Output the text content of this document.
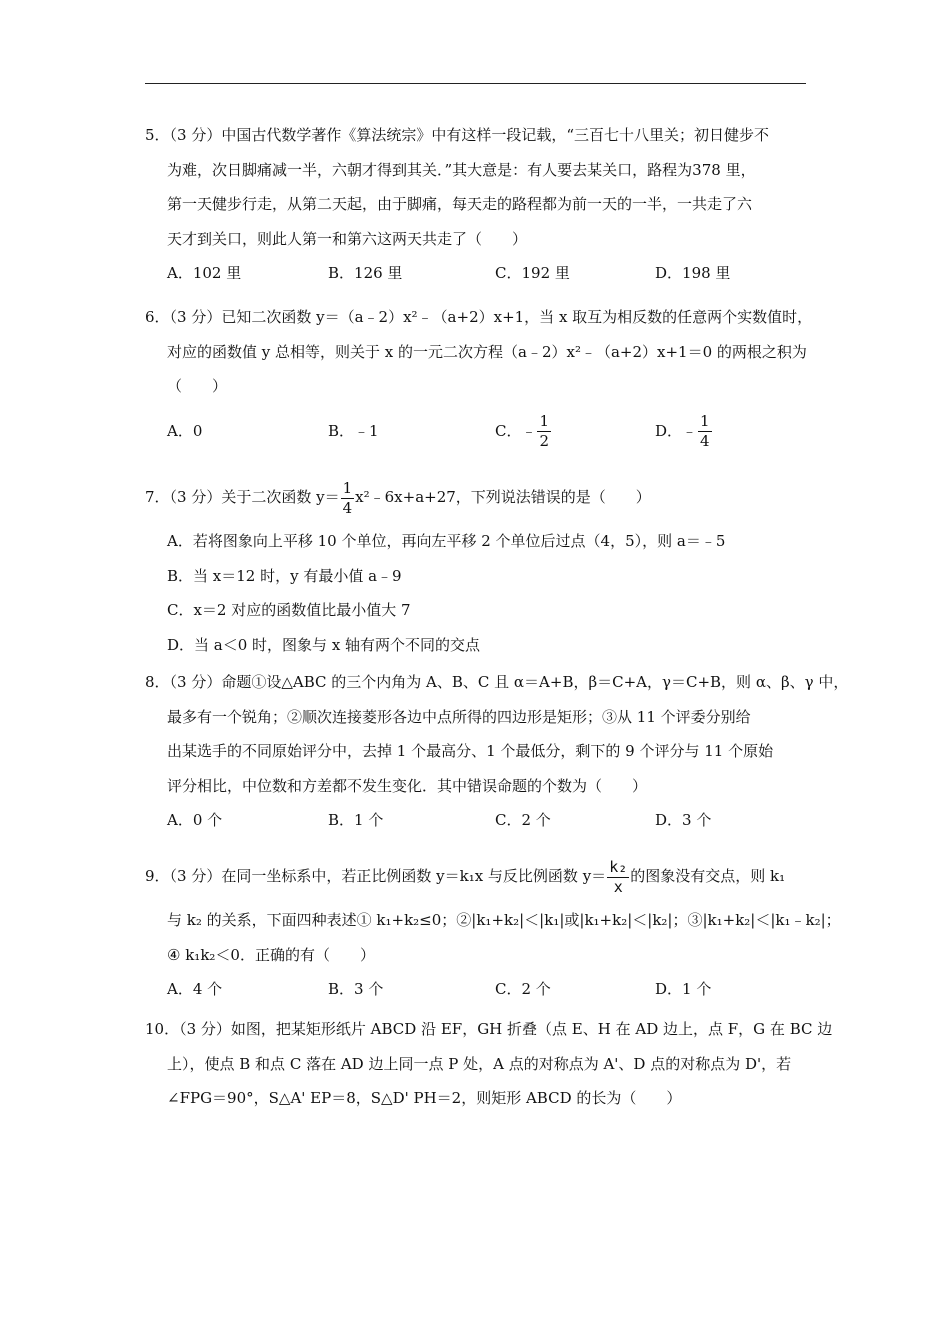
5．（3 分）中国古代数学著作《算法统宗》中有这样一段记载，“三百七十八里关；初日健步不
为难，次日脚痛减一半，六朝才得到其关．”其大意是：有人要去某关口，路程为378 里，
第一天健步行走，从第二天起，由于脚痛，每天走的路程都为前一天的一半，一共走了六
天才到关口，则此人第一和第六这两天共走了（　　）
A．102 里	B．126 里	C．192 里	D．198 里
6．（3 分）已知二次函数 y＝（a﹣2）x²﹣（a+2）x+1，当 x 取互为相反数的任意两个实数值时，
对应的函数值 y 总相等，则关于 x 的一元二次方程（a﹣2）x²﹣（a+2）x+1＝0 的两根之积为
（　　）
A．0	B．﹣1	C．﹣ $\frac{1}{2}$	D．﹣ $\frac{1}{4}$
7．（3 分）关于二次函数 $y= \frac{1}{4}$ x²﹣6x+a+27，下列说法错误的是（　　）
A．若将图象向上平移 10 个单位，再向左平移 2 个单位后过点（4，5），则 a＝﹣5
B．当 x＝12 时，y 有最小值 a﹣9
C．x＝2 对应的函数值比最小值大 7
D．当 a＜0 时，图象与 x 轴有两个不同的交点
8．（3 分）命题①设△ABC 的三个内角为 A、B、C 且 α＝A+B，β＝C+A，γ＝C+B，则 α、β、γ 中，
最多有一个锐角；②顺次连接菱形各边中点所得的四边形是矩形；③从 11 个评委分别给
出某选手的不同原始评分中，去掉 1 个最高分、1 个最低分，剩下的 9 个评分与 11 个原始
评分相比，中位数和方差都不发生变化．其中错误命题的个数为（　　）
A．0 个	B．1 个	C．2 个	D．3 个
9．（3 分）在同一坐标系中，若正比例函数 y＝k₁x 与反比例函数 $y= \frac{\text{k₂}}{x}$ 的图象没有交点，则 k₁
与 k₂ 的关系，下面四种表述① k₁+k₂≤0；②|k₁+k₂|＜|k₁|或|k₁+k₂|＜|k₂|；③|k₁+k₂|＜|k₁﹣k₂|；
④ k₁k₂＜0．正确的有（　　）
A．4 个	B．3 个	C．2 个	D．1 个
10．（3 分）如图，把某矩形纸片 ABCD 沿 EF，GH 折叠（点 E、H 在 AD 边上，点 F，G 在 BC 边
上），使点 B 和点 C 落在 AD 边上同一点 P 处，A 点的对称点为 A'、D 点的对称点为 D'，若
∠FPG＝90°，S△A' EP＝8，S△D' PH＝2，则矩形 ABCD 的长为（　　）
